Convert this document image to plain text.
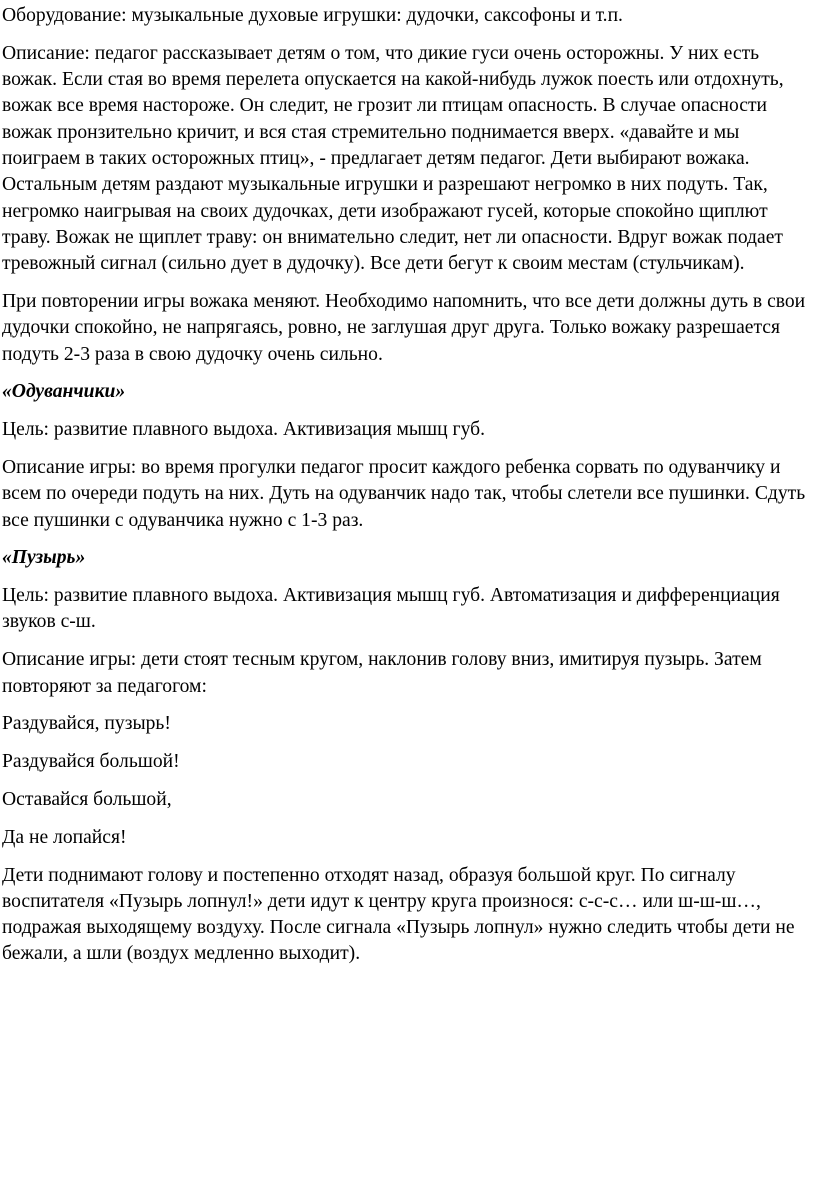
Оборудование: музыкальные духовые игрушки: дудочки, саксофоны и т.п.

Описание: педагог рассказывает детям о том, что дикие гуси очень осторожны. У них есть вожак. Если стая во время перелета опускается на какой-нибудь лужок поесть или отдохнуть, вожак все время настороже. Он следит, не грозит ли птицам опасность. В случае опасности вожак пронзительно кричит, и вся стая стремительно поднимается вверх. «давайте и мы поиграем в таких осторожных птиц», - предлагает детям педагог. Дети выбирают вожака. Остальным детям раздают музыкальные игрушки и разрешают негромко в них подуть. Так, негромко наигрывая на своих дудочках, дети изображают гусей, которые спокойно щиплют траву. Вожак не щиплет траву: он внимательно следит, нет ли опасности. Вдруг вожак подает тревожный сигнал (сильно дует в дудочку). Все дети бегут к своим местам (стульчикам).

При повторении игры вожака меняют. Необходимо напомнить, что все дети должны дуть в свои дудочки спокойно, не напрягаясь, ровно, не заглушая друг друга. Только вожаку разрешается подуть 2-3 раза в свою дудочку очень сильно.

«Одуванчики»

Цель: развитие плавного выдоха. Активизация мышц губ.

Описание игры: во время прогулки педагог просит каждого ребенка сорвать по одуванчику и всем по очереди подуть на них. Дуть на одуванчик надо так, чтобы слетели все пушинки. Сдуть все пушинки с одуванчика нужно с 1-3 раз.

«Пузырь»

Цель: развитие плавного выдоха. Активизация мышц губ. Автоматизация и дифференциация звуков с-ш.

Описание игры: дети стоят тесным кругом, наклонив голову вниз, имитируя пузырь. Затем повторяют за педагогом:

Раздувайся, пузырь!

Раздувайся большой!

Оставайся большой,

Да не лопайся!

Дети поднимают голову и постепенно отходят назад, образуя большой круг. По сигналу воспитателя «Пузырь лопнул!» дети идут к центру круга произнося: с-с-с… или ш-ш-ш…, подражая выходящему воздуху. После сигнала «Пузырь лопнул» нужно следить чтобы дети не бежали, а шли (воздух медленно выходит).
